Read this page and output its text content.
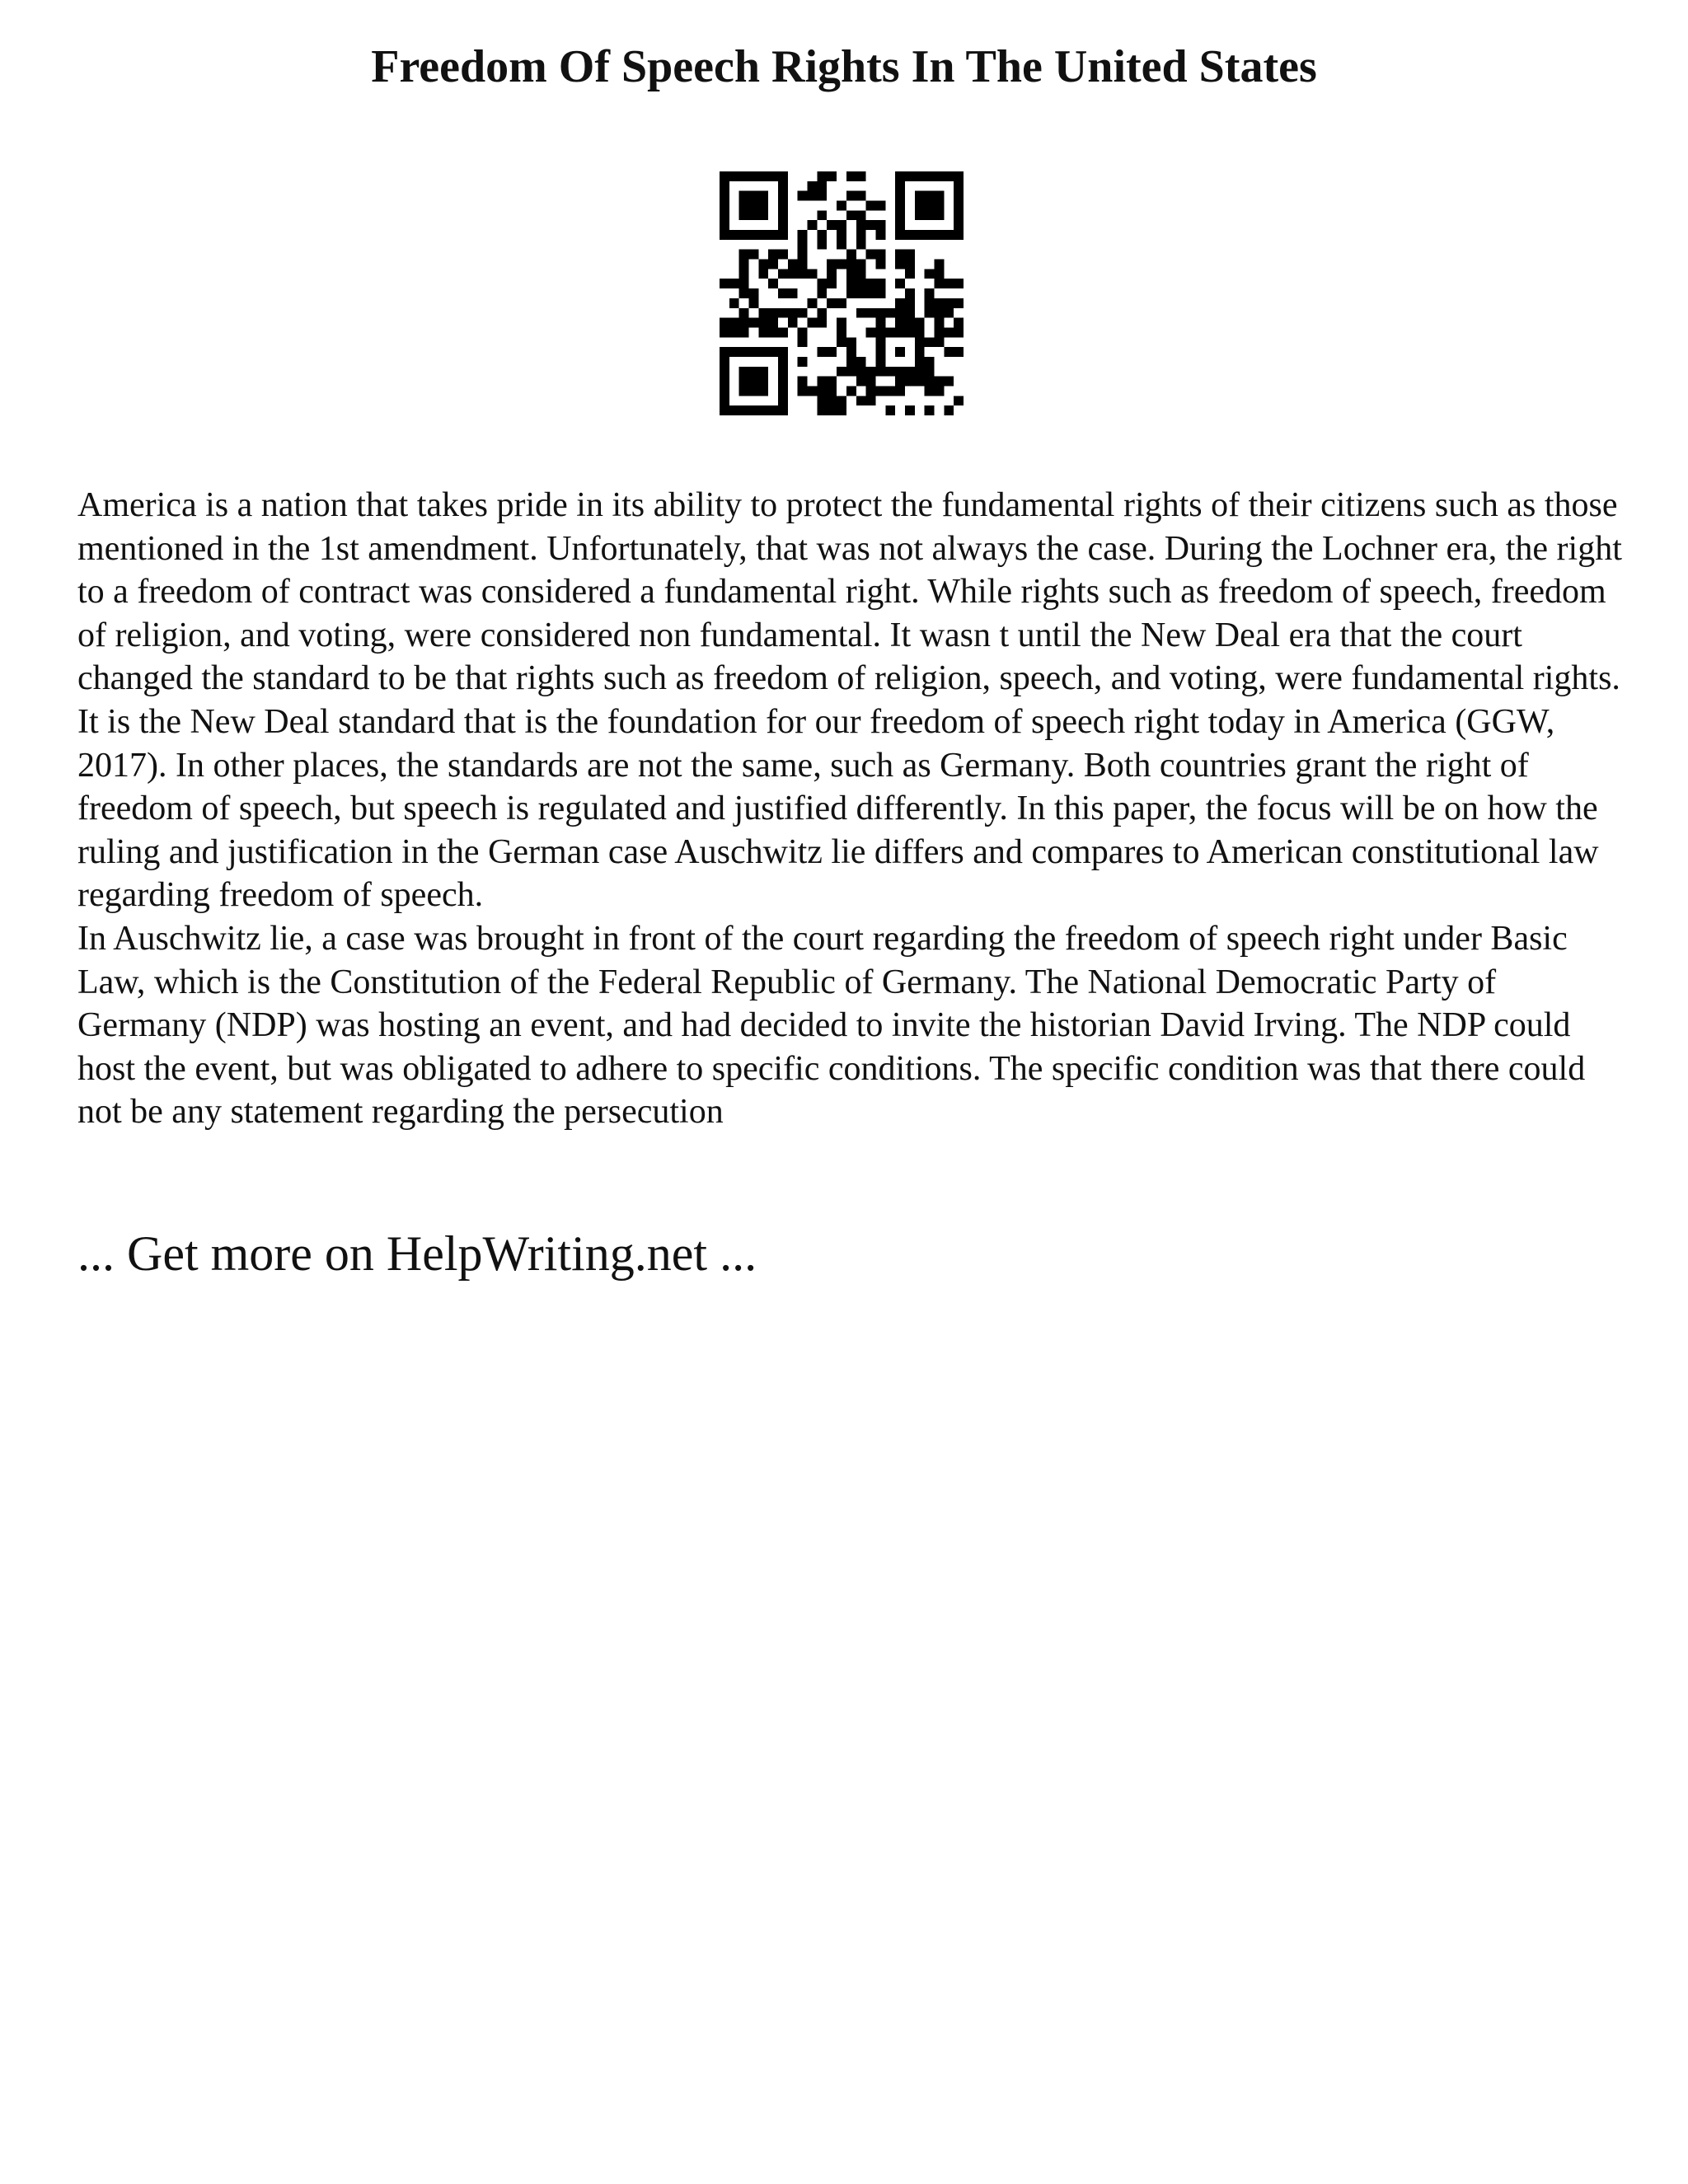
Freedom Of Speech Rights In The United States

America is a nation that takes pride in its ability to protect the fundamental rights of their citizens such as those mentioned in the 1st amendment. Unfortunately, that was not always the case. During the Lochner era, the right to a freedom of contract was considered a fundamental right. While rights such as freedom of speech, freedom of religion, and voting, were considered non fundamental. It wasn t until the New Deal era that the court changed the standard to be that rights such as freedom of religion, speech, and voting, were fundamental rights. It is the New Deal standard that is the foundation for our freedom of speech right today in America (GGW, 2017). In other places, the standards are not the same, such as Germany. Both countries grant the right of freedom of speech, but speech is regulated and justified differently. In this paper, the focus will be on how the ruling and justification in the German case Auschwitz lie differs and compares to American constitutional law regarding freedom of speech.

In Auschwitz lie, a case was brought in front of the court regarding the freedom of speech right under Basic Law, which is the Constitution of the Federal Republic of Germany. The National Democratic Party of Germany (NDP) was hosting an event, and had decided to invite the historian David Irving. The NDP could host the event, but was obligated to adhere to specific conditions. The specific condition was that there could not be any statement regarding the persecution

... Get more on HelpWriting.net ...
